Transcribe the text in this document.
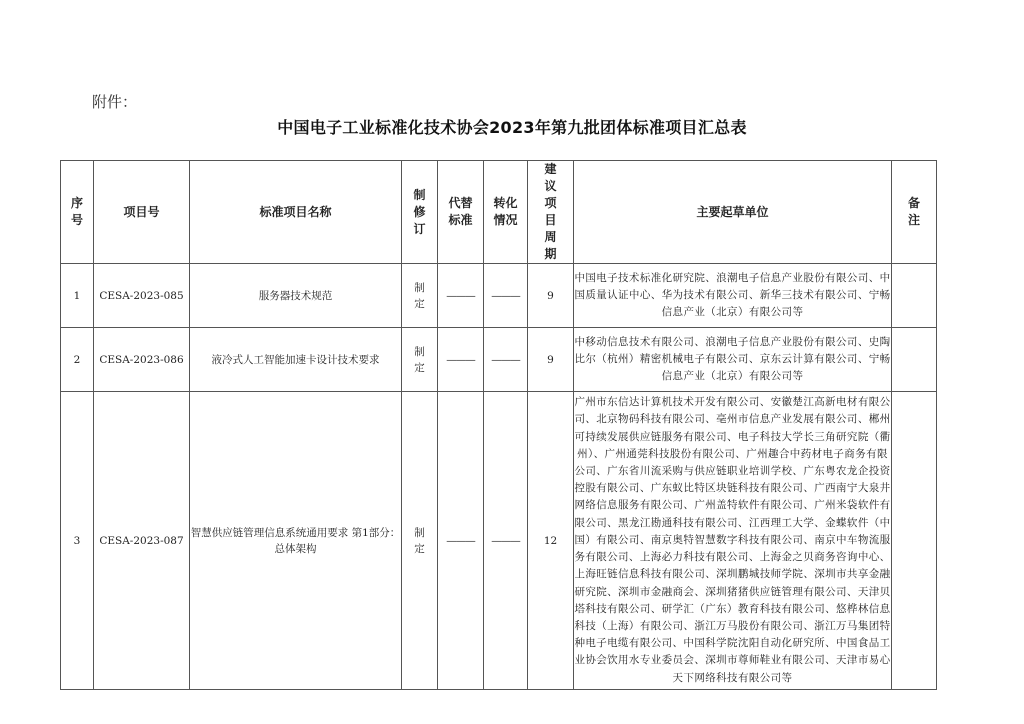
附件：
中国电子工业标准化技术协会2023年第九批团体标准项目汇总表
序号	项目号	标准项目名称	制修订	代替标准	转化情况	建议项目周期	主要起草单位	备注
1	CESA-2023-085	服务器技术规范	制定	———	———	9	中国电子技术标准化研究院、浪潮电子信息产业股份有限公司、中国质量认证中心、华为技术有限公司、新华三技术有限公司、宁畅信息产业（北京）有限公司等	
2	CESA-2023-086	液冷式人工智能加速卡设计技术要求	制定	———	———	9	中移动信息技术有限公司、浪潮电子信息产业股份有限公司、史陶比尔（杭州）精密机械电子有限公司、京东云计算有限公司、宁畅信息产业（北京）有限公司等	
3	CESA-2023-087	智慧供应链管理信息系统通用要求 第1部分：总体架构	制定	———	———	12	广州市东信达计算机技术开发有限公司、安徽楚江高新电材有限公司、北京物码科技有限公司、亳州市信息产业发展有限公司、郴州可持续发展供应链服务有限公司、电子科技大学长三角研究院（衢州）、广州通莞科技股份有限公司、广州趣合中药材电子商务有限公司、广东省川流采购与供应链职业培训学校、广东粤农龙企投资控股有限公司、广东蚁比特区块链科技有限公司、广西南宁大泉井网络信息服务有限公司、广州盖特软件有限公司、广州米袋软件有限公司、黑龙江勘通科技有限公司、江西理工大学、金蝶软件（中国）有限公司、南京奥特智慧数字科技有限公司、南京中车物流服务有限公司、上海必力科技有限公司、上海金之贝商务咨询中心、上海旺链信息科技有限公司、深圳鹏城技师学院、深圳市共享金融研究院、深圳市金融商会、深圳猪猪供应链管理有限公司、天津贝塔科技有限公司、研学汇（广东）教育科技有限公司、悠桦林信息科技（上海）有限公司、浙江万马股份有限公司、浙江万马集团特种电子电缆有限公司、中国科学院沈阳自动化研究所、中国食品工业协会饮用水专业委员会、深圳市尊师鞋业有限公司、天津市易心天下网络科技有限公司等	
